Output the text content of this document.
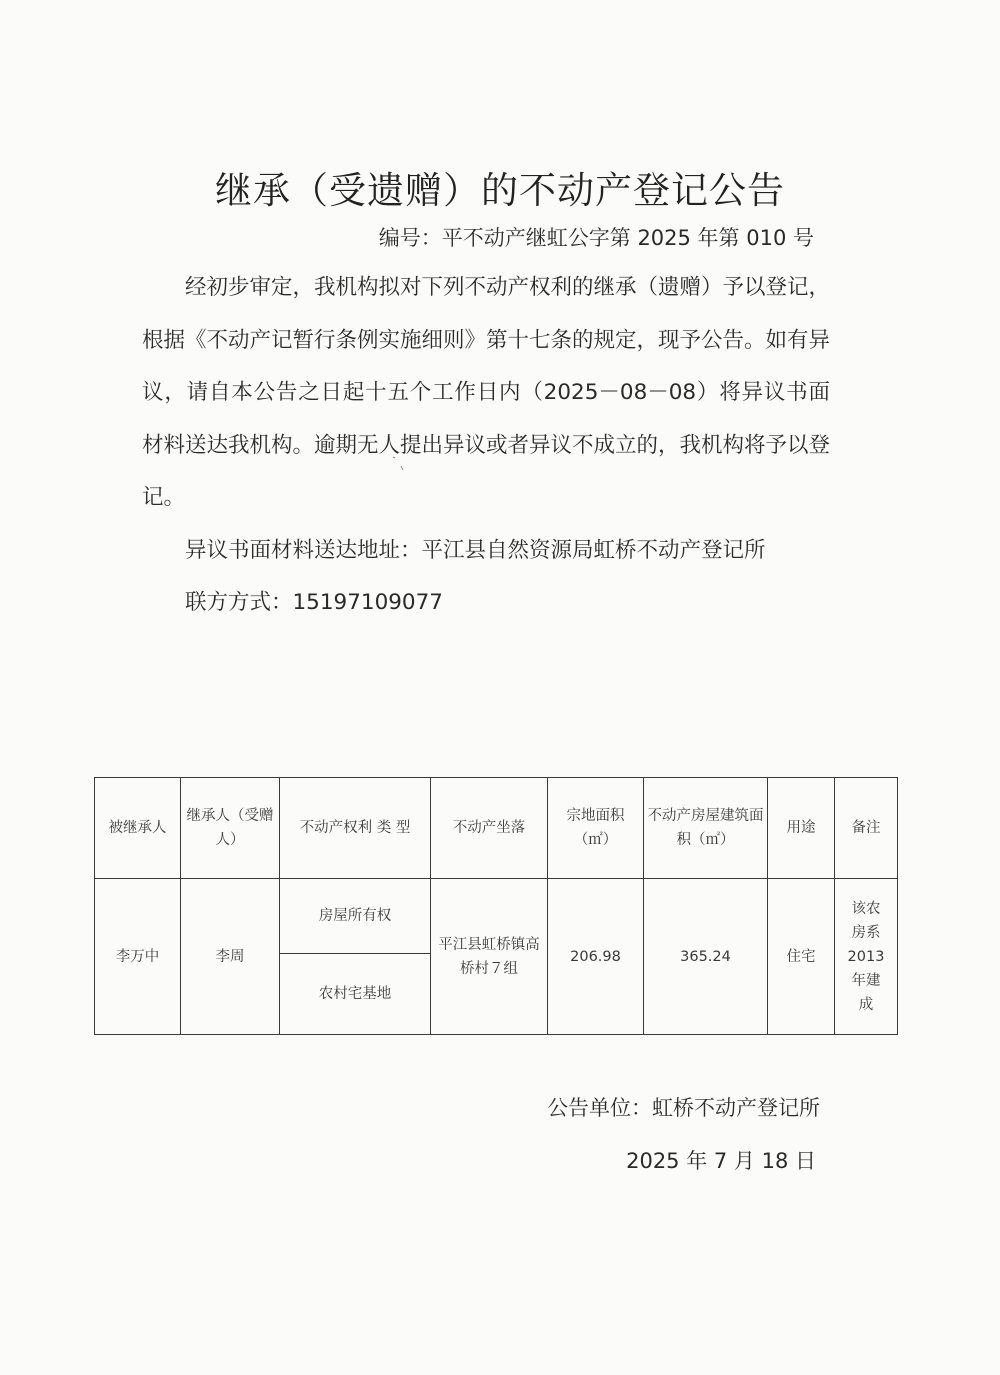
继承（受遗赠）的不动产登记公告
编号：平不动产继虹公字第 2025 年第 010 号

经初步审定，我机构拟对下列不动产权利的继承（遗赠）予以登记，根据《不动产记暂行条例实施细则》第十七条的规定，现予公告。如有异议，请自本公告之日起十五个工作日内（2025－08－08）将异议书面材料送达我机构。逾期无人提出异议或者异议不成立的，我机构将予以登记。

异议书面材料送达地址：平江县自然资源局虹桥不动产登记所

联方方式：15197109077

被继承人	继承人（受赠人）	不动产权利 类 型	不动产坐落	宗地面积（㎡）	不动产房屋建筑面积（㎡）	用途	备注
李万中	李周	房屋所有权	平江县虹桥镇高桥村７组	206.98	365.24	住宅	该农房系2013年建成
		农村宅基地					
公告单位：虹桥不动产登记所
2025 年 7 月 18 日
